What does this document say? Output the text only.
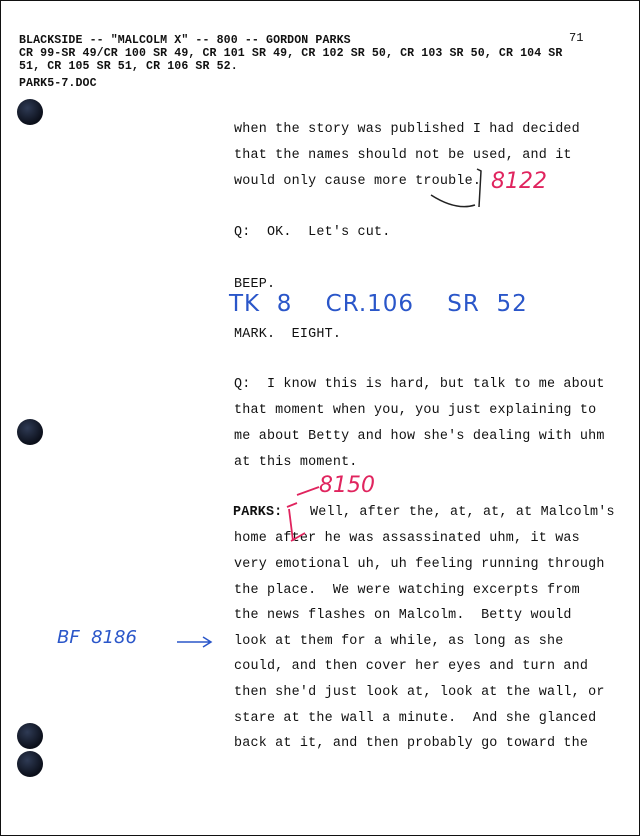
BLACKSIDE -- "MALCOLM X" -- 800 -- GORDON PARKS
CR 99-SR 49/CR 100 SR 49, CR 101 SR 49, CR 102 SR 50, CR 103 SR 50, CR 104 SR
51, CR 105 SR 51, CR 106 SR 52.
PARK5-7.DOC
71
when the story was published I had decided
that the names should not be used, and it
would only cause more trouble.
Q:  OK.  Let's cut.
BEEP.
MARK.  EIGHT.
Q:  I know this is hard, but talk to me about
that moment when you, you just explaining to
me about Betty and how she's dealing with uhm
at this moment.
PARKS: Well, after the, at, at, at Malcolm's
home after he was assassinated uhm, it was
very emotional uh, uh feeling running through
the place.  We were watching excerpts from
the news flashes on Malcolm.  Betty would
look at them for a while, as long as she
could, and then cover her eyes and turn and
then she'd just look at, look at the wall, or
stare at the wall a minute.  And she glanced
back at it, and then probably go toward the
TK  8    CR.106    SR  52
8122
8150
BF  8186
